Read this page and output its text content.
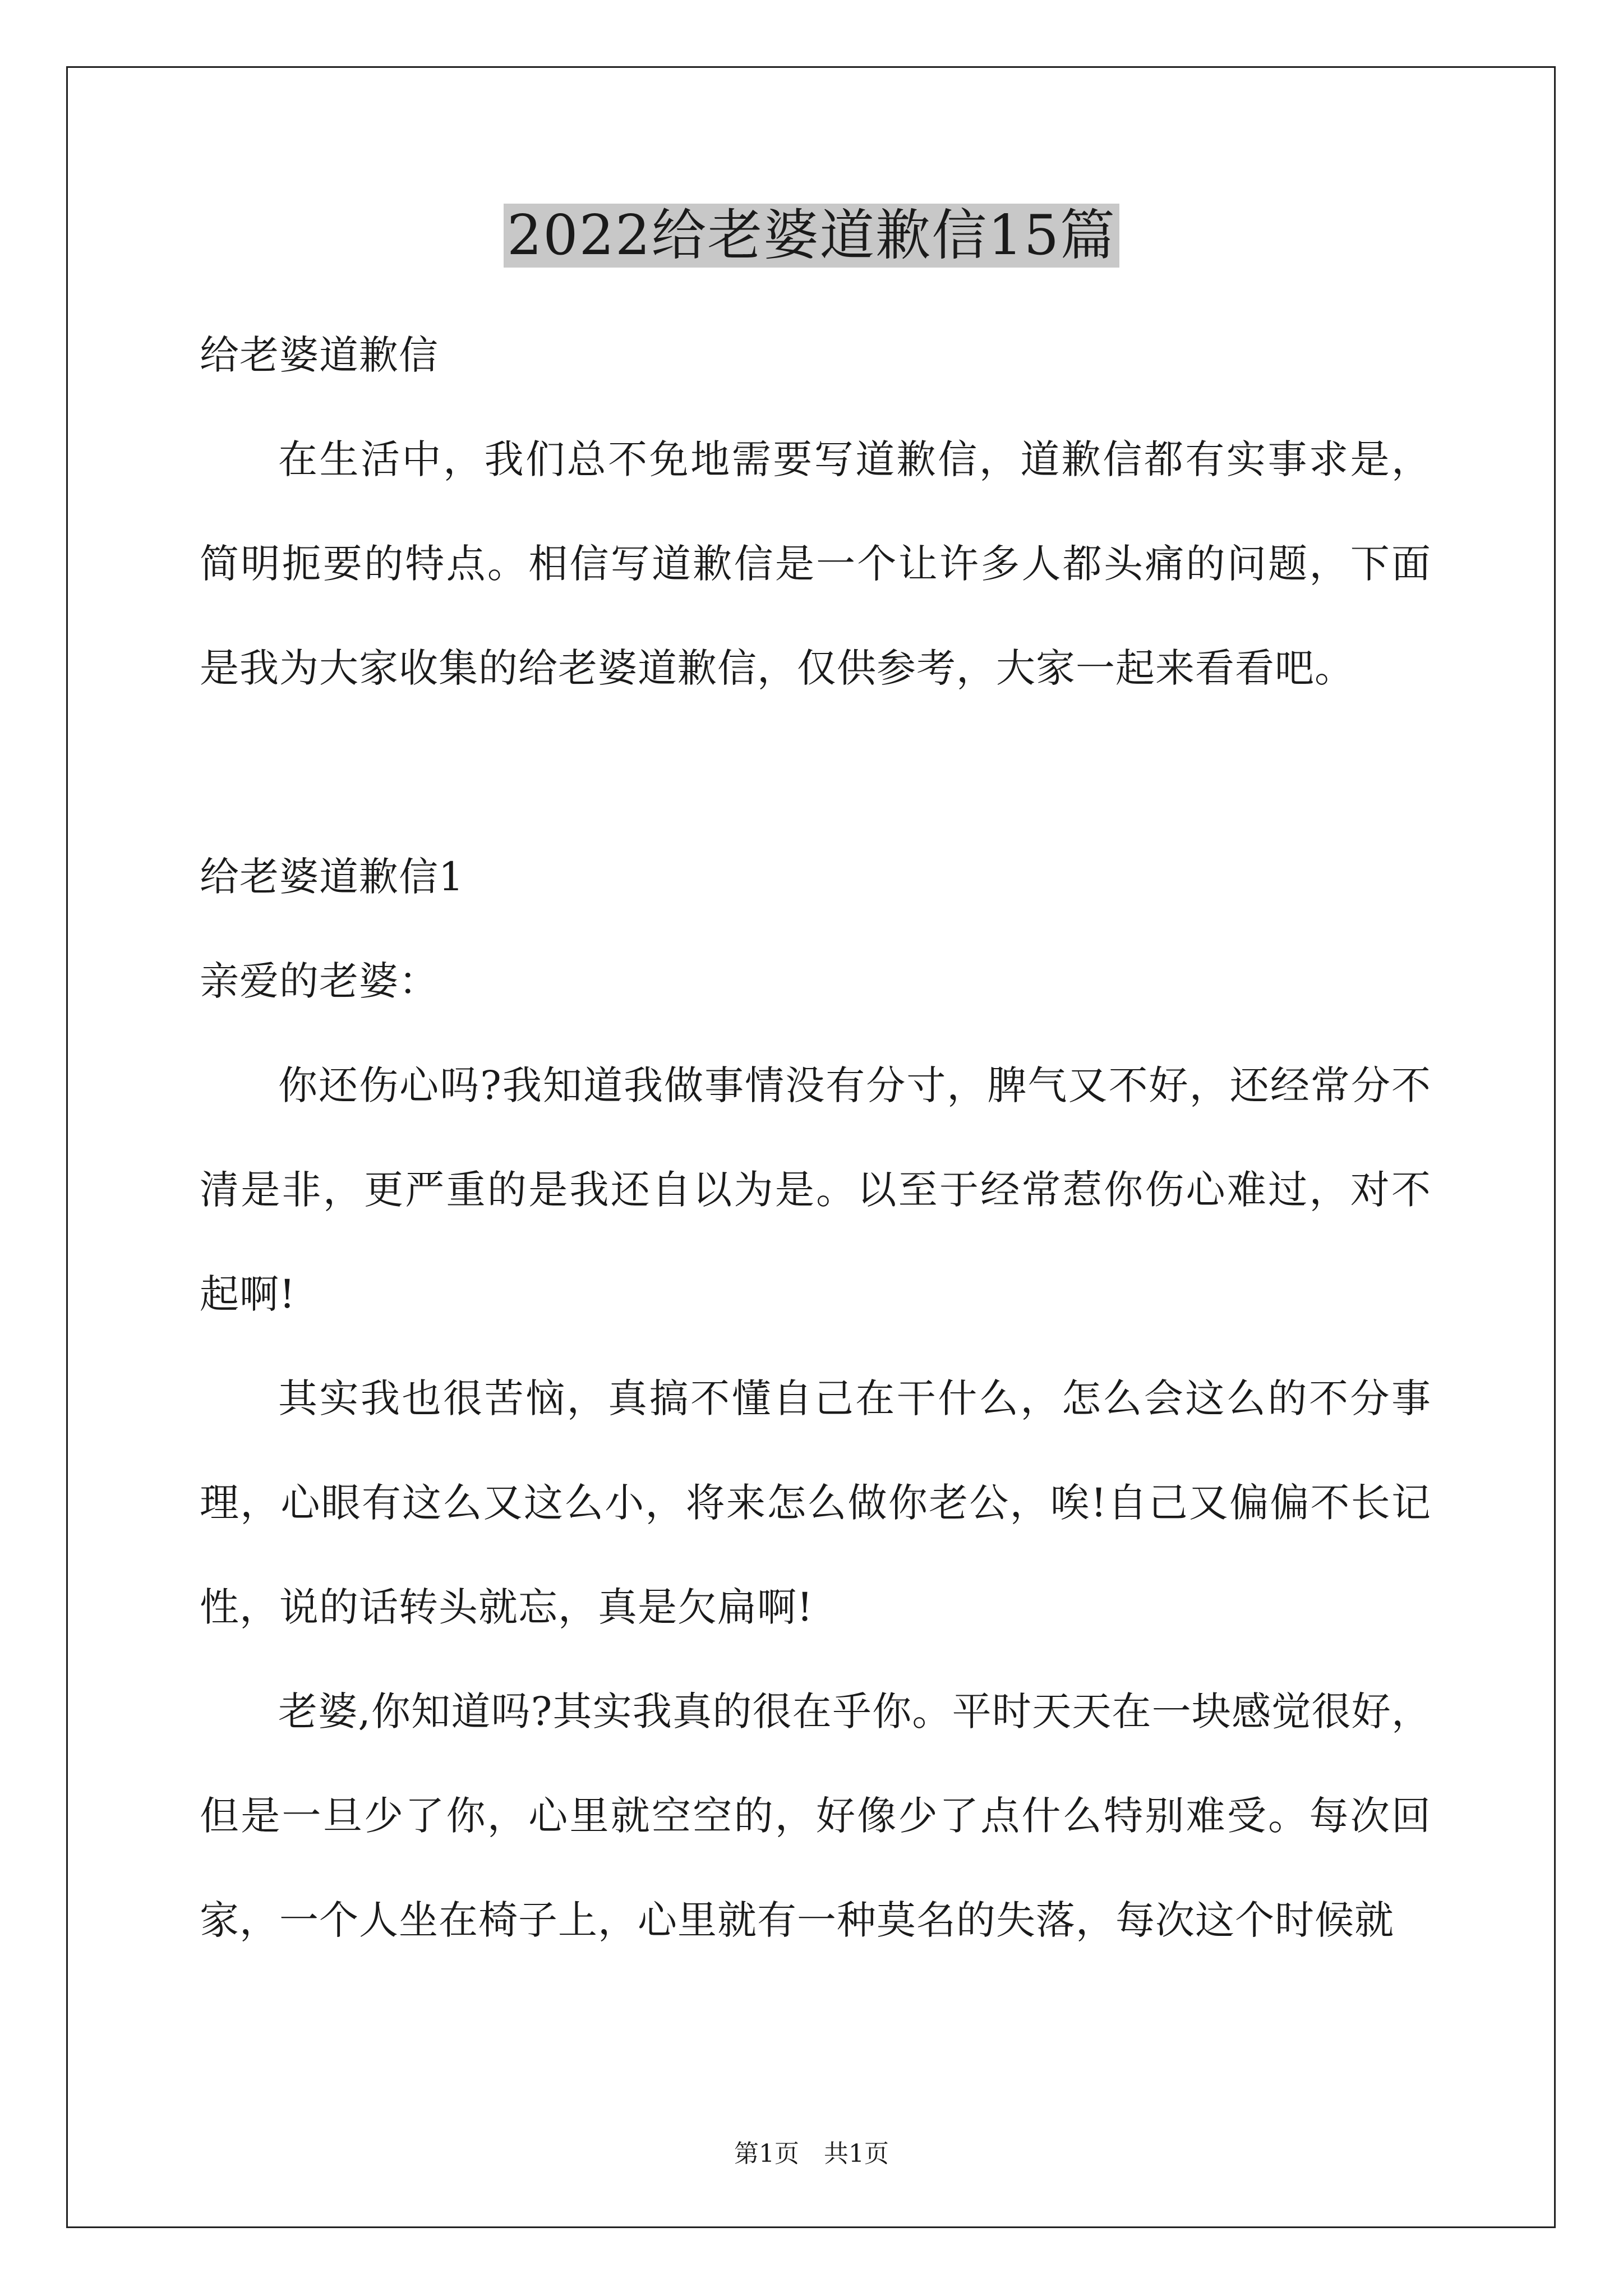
2022给老婆道歉信15篇

给老婆道歉信

在生活中，我们总不免地需要写道歉信，道歉信都有实事求是，简明扼要的特点。相信写道歉信是一个让许多人都头痛的问题，下面是我为大家收集的给老婆道歉信，仅供参考，大家一起来看看吧。

给老婆道歉信1

亲爱的老婆：

你还伤心吗?我知道我做事情没有分寸，脾气又不好，还经常分不清是非，更严重的是我还自以为是。以至于经常惹你伤心难过，对不起啊!

其实我也很苦恼，真搞不懂自己在干什么，怎么会这么的不分事理，心眼有这么又这么小，将来怎么做你老公，唉!自己又偏偏不长记性，说的话转头就忘，真是欠扁啊!

老婆,你知道吗?其实我真的很在乎你。平时天天在一块感觉很好，但是一旦少了你，心里就空空的，好像少了点什么特别难受。每次回家，一个人坐在椅子上，心里就有一种莫名的失落，每次这个时候就

第1页　共1页
